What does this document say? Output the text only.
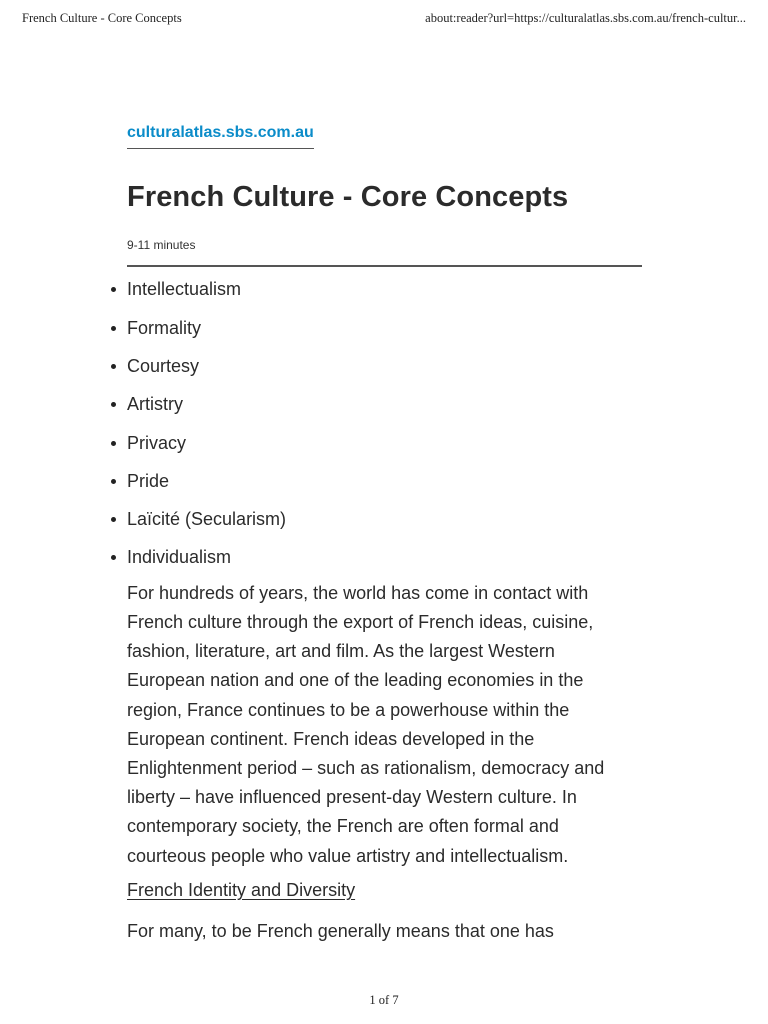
French Culture - Core Concepts	about:reader?url=https://culturalatlas.sbs.com.au/french-cultur...
culturalatlas.sbs.com.au
French Culture - Core Concepts
9-11 minutes
Intellectualism
Formality
Courtesy
Artistry
Privacy
Pride
Laïcité (Secularism)
Individualism

For hundreds of years, the world has come in contact with
French culture through the export of French ideas, cuisine,
fashion, literature, art and film. As the largest Western
European nation and one of the leading economies in the
region, France continues to be a powerhouse within the
European continent. French ideas developed in the
Enlightenment period – such as rationalism, democracy and
liberty – have influenced present-day Western culture. In
contemporary society, the French are often formal and
courteous people who value artistry and intellectualism.

French Identity and Diversity

For many, to be French generally means that one has

1 of 7
